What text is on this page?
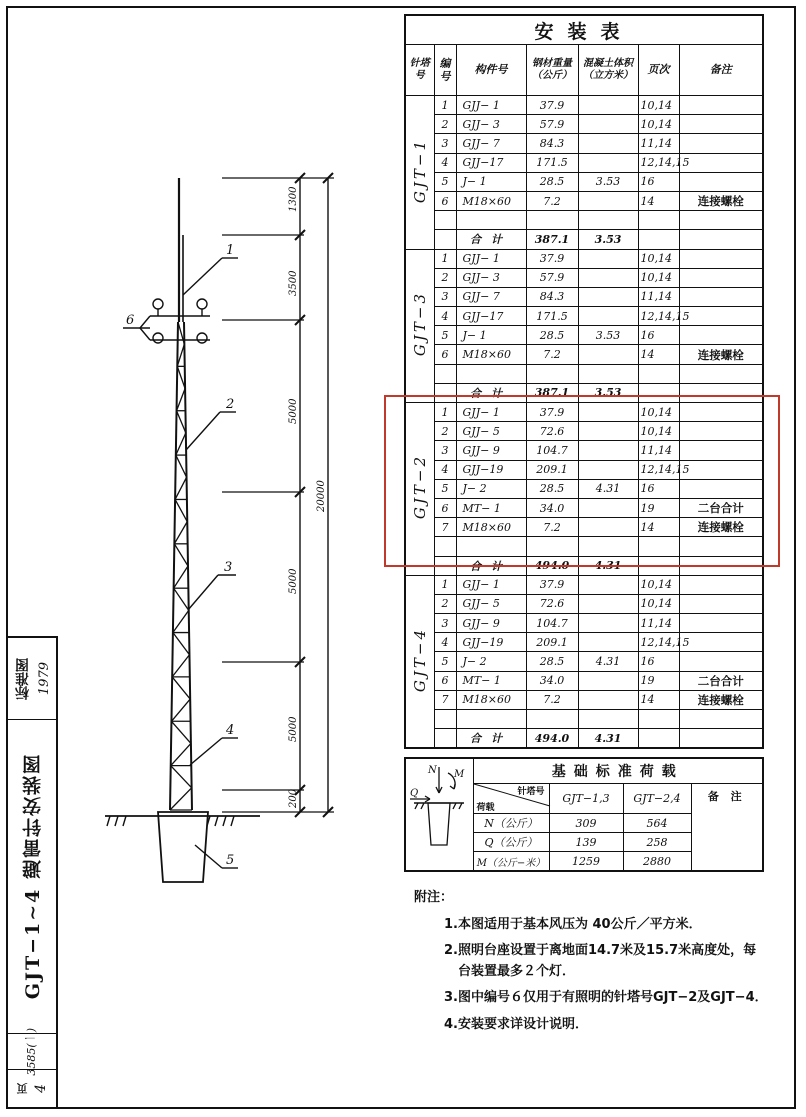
1
2
3
4
5
6
1300
3500
5000
5000
5000
200
20000
标准图 1979
GJT−1∼4 避雷针安装图
3585(一)
页 4
安装表						
针塔号	编号	构件号	钢材重量（公斤）	混凝土体积（立方米）	页次	备注
GJT−1	1	GJJ− 1	37.9		10,14	
	2	GJJ− 3	57.9		10,14	
	3	GJJ− 7	84.3		11,14	
	4	GJJ−17	171.5		12,14,15	
	5	J− 1	28.5	3.53	16	
	6	M18×60	7.2		14	连接螺栓

		合计	387.1	3.53		
GJT−3	1	GJJ− 1	37.9		10,14	
	2	GJJ− 3	57.9		10,14	
	3	GJJ− 7	84.3		11,14	
	4	GJJ−17	171.5		12,14,15	
	5	J− 1	28.5	3.53	16	
	6	M18×60	7.2		14	连接螺栓

		合计	387.1	3.53		
GJT−2	1	GJJ− 1	37.9		10,14	
	2	GJJ− 5	72.6		10,14	
	3	GJJ− 9	104.7		11,14	
	4	GJJ−19	209.1		12,14,15	
	5	J− 2	28.5	4.31	16	
	6	MT− 1	34.0		19	二台合计
	7	M18×60	7.2		14	连接螺栓

		合计	494.0	4.31		
GJT−4	1	GJJ− 1	37.9		10,14	
	2	GJJ− 5	72.6		10,14	
	3	GJJ− 9	104.7		11,14	
	4	GJJ−19	209.1		12,14,15	
	5	J− 2	28.5	4.31	16	
	6	MT− 1	34.0		19	二台合计
	7	M18×60	7.2		14	连接螺栓

		合计	494.0	4.31		
N M
Q	基础标准荷载			

	针塔号
荷载	GJT−1,3	GJT−2,4	备 注
	N（公斤）	309	564	
	Q（公斤）	139	258	
	M（公斤−米）	1259	2880	
附注：
1.本图适用于基本风压为 40公斤／平方米．
2.照明台座设置于离地面14.7米及15.7米高度处，每
台装置最多２个灯．
3.图中编号６仅用于有照明的针塔号GJT−2及GJT−4．
4.安装要求详设计说明．
